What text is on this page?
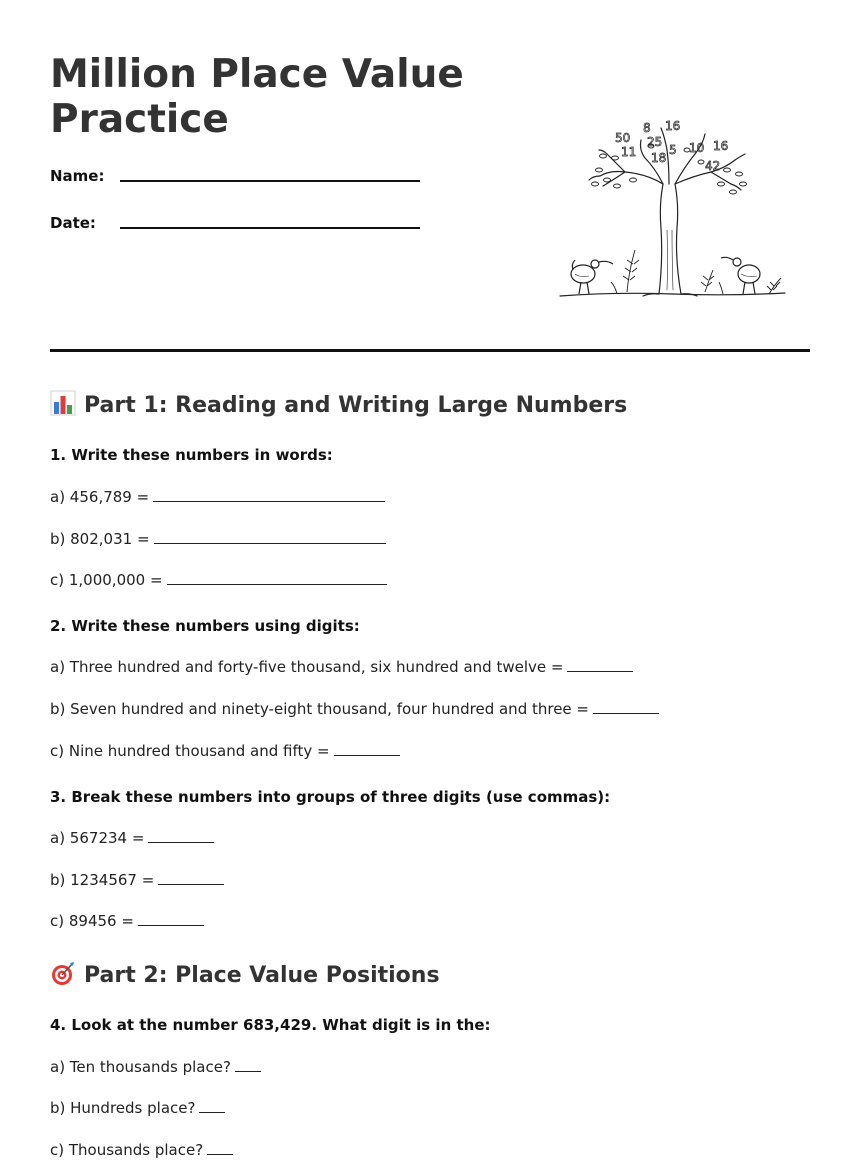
Million Place Value
Practice
Name:
Date:
50
8 16
11
25
5 10
18
16
42
Part 1: Reading and Writing Large Numbers

1. Write these numbers in words:

a) 456,789 =

b) 802,031 =

c) 1,000,000 =

2. Write these numbers using digits:

a) Three hundred and forty-five thousand, six hundred and twelve =

b) Seven hundred and ninety-eight thousand, four hundred and three =

c) Nine hundred thousand and fifty =

3. Break these numbers into groups of three digits (use commas):

a) 567234 =

b) 1234567 =

c) 89456 =

Part 2: Place Value Positions

4. Look at the number 683,429. What digit is in the:

a) Ten thousands place?

b) Hundreds place?

c) Thousands place?
